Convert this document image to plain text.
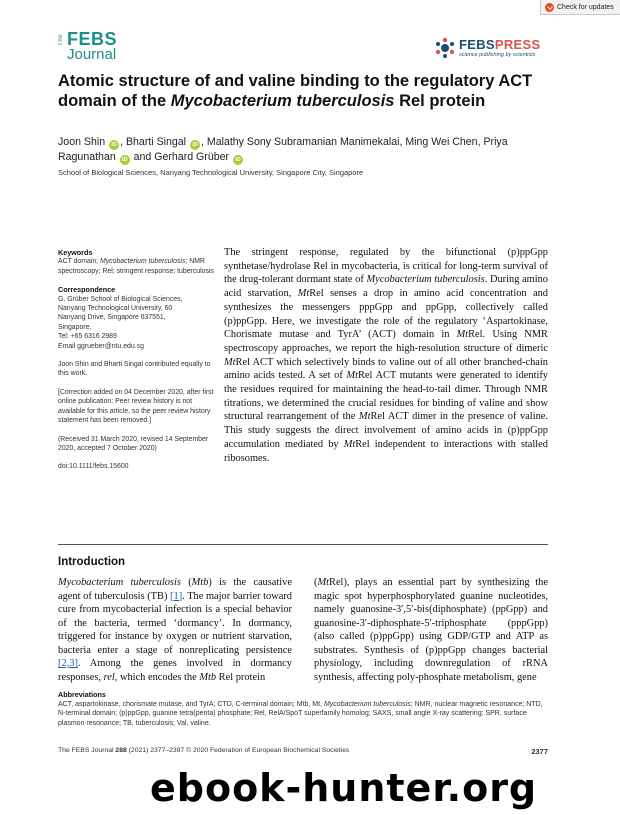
Check for updates
The FEBS
Journal
FEBSPRESS
science publishing by scientists
Atomic structure of and valine binding to the regulatory ACT domain of the Mycobacterium tuberculosis Rel protein
Joon Shin iD , Bharti Singal iD , Malathy Sony Subramanian Manimekalai, Ming Wei Chen, Priya Ragunathan iD and Gerhard Grüber iD
School of Biological Sciences, Nanyang Technological University, Singapore City, Singapore
Keywords
ACT domain; Mycobacterium tuberculosis; NMR spectroscopy; Rel; stringent response; tuberculosis
Correspondence
G. Grüber School of Biological Sciences,
Nanyang Technological University, 60
Nanyang Drive, Singapore 637551,
Singapore.
Tel: +65 6316 2989
Email ggrueber@ntu.edu.sg
Joon Shin and Bharti Singal contributed equally to this work.
[Correction added on 04 December 2020, after first online publication: Peer review history is not available for this article, so the peer review history statement has been removed.]
(Received 31 March 2020, revised 14 September 2020, accepted 7 October 2020)
doi:10.1111/febs.15600
The stringent response, regulated by the bifunctional (p)ppGpp synthetase/hydrolase Rel in mycobacteria, is critical for long-term survival of the drug-tolerant dormant state of Mycobacterium tuberculosis. During amino acid starvation, MtRel senses a drop in amino acid concentration and synthesizes the messengers pppGpp and ppGpp, collectively called (p)ppGpp. Here, we investigate the role of the regulatory ‘Aspartokinase, Chorismate mutase and TyrA’ (ACT) domain in MtRel. Using NMR spectroscopy approaches, we report the high-resolution structure of dimeric MtRel ACT which selectively binds to valine out of all other branched-chain amino acids tested. A set of MtRel ACT mutants were generated to identify the residues required for maintaining the head-to-tail dimer. Through NMR titrations, we determined the crucial residues for binding of valine and show structural rearrangement of the MtRel ACT dimer in the presence of valine. This study suggests the direct involvement of amino acids in (p)ppGpp accumulation mediated by MtRel independent to interactions with stalled ribosomes.
Introduction
Mycobacterium tuberculosis (Mtb) is the causative agent of tuberculosis (TB) [1]. The major barrier toward cure from mycobacterial infection is a special behavior of the bacteria, termed ‘dormancy’. In dormancy, triggered for instance by oxygen or nutrient starvation, bacteria enter a stage of nonreplicating persistence [2,3]. Among the genes involved in dormancy responses, rel, which encodes the Mtb Rel protein
(MtRel), plays an essential part by synthesizing the magic spot hyperphosphorylated guanine nucleotides, namely guanosine-3′,5′-bis(diphosphate) (ppGpp) and guanosine-3′-diphosphate-5′-triphosphate (pppGpp) (also called (p)ppGpp) using GDP/GTP and ATP as substrates. Synthesis of (p)ppGpp changes bacterial physiology, including downregulation of rRNA synthesis, affecting poly-phosphate metabolism, gene
Abbreviations
ACT, aspartokinase, chorismate mutase, and TyrA; CTD, C-terminal domain; Mtb, Mt, Mycobacterium tuberculosis; NMR, nuclear magnetic resonance; NTD, N-terminal domain; (p)ppGpp, guanine tetra(penta) phosphate; Rel, RelA/SpoT superfamily homolog; SAXS, small angle X-ray scattering; SPR, surface plasmon resonance; TB, tuberculosis; Val, valine.
The FEBS Journal 288 (2021) 2377–2397 © 2020 Federation of European Biochemical Societies	2377
ebook-hunter.org
